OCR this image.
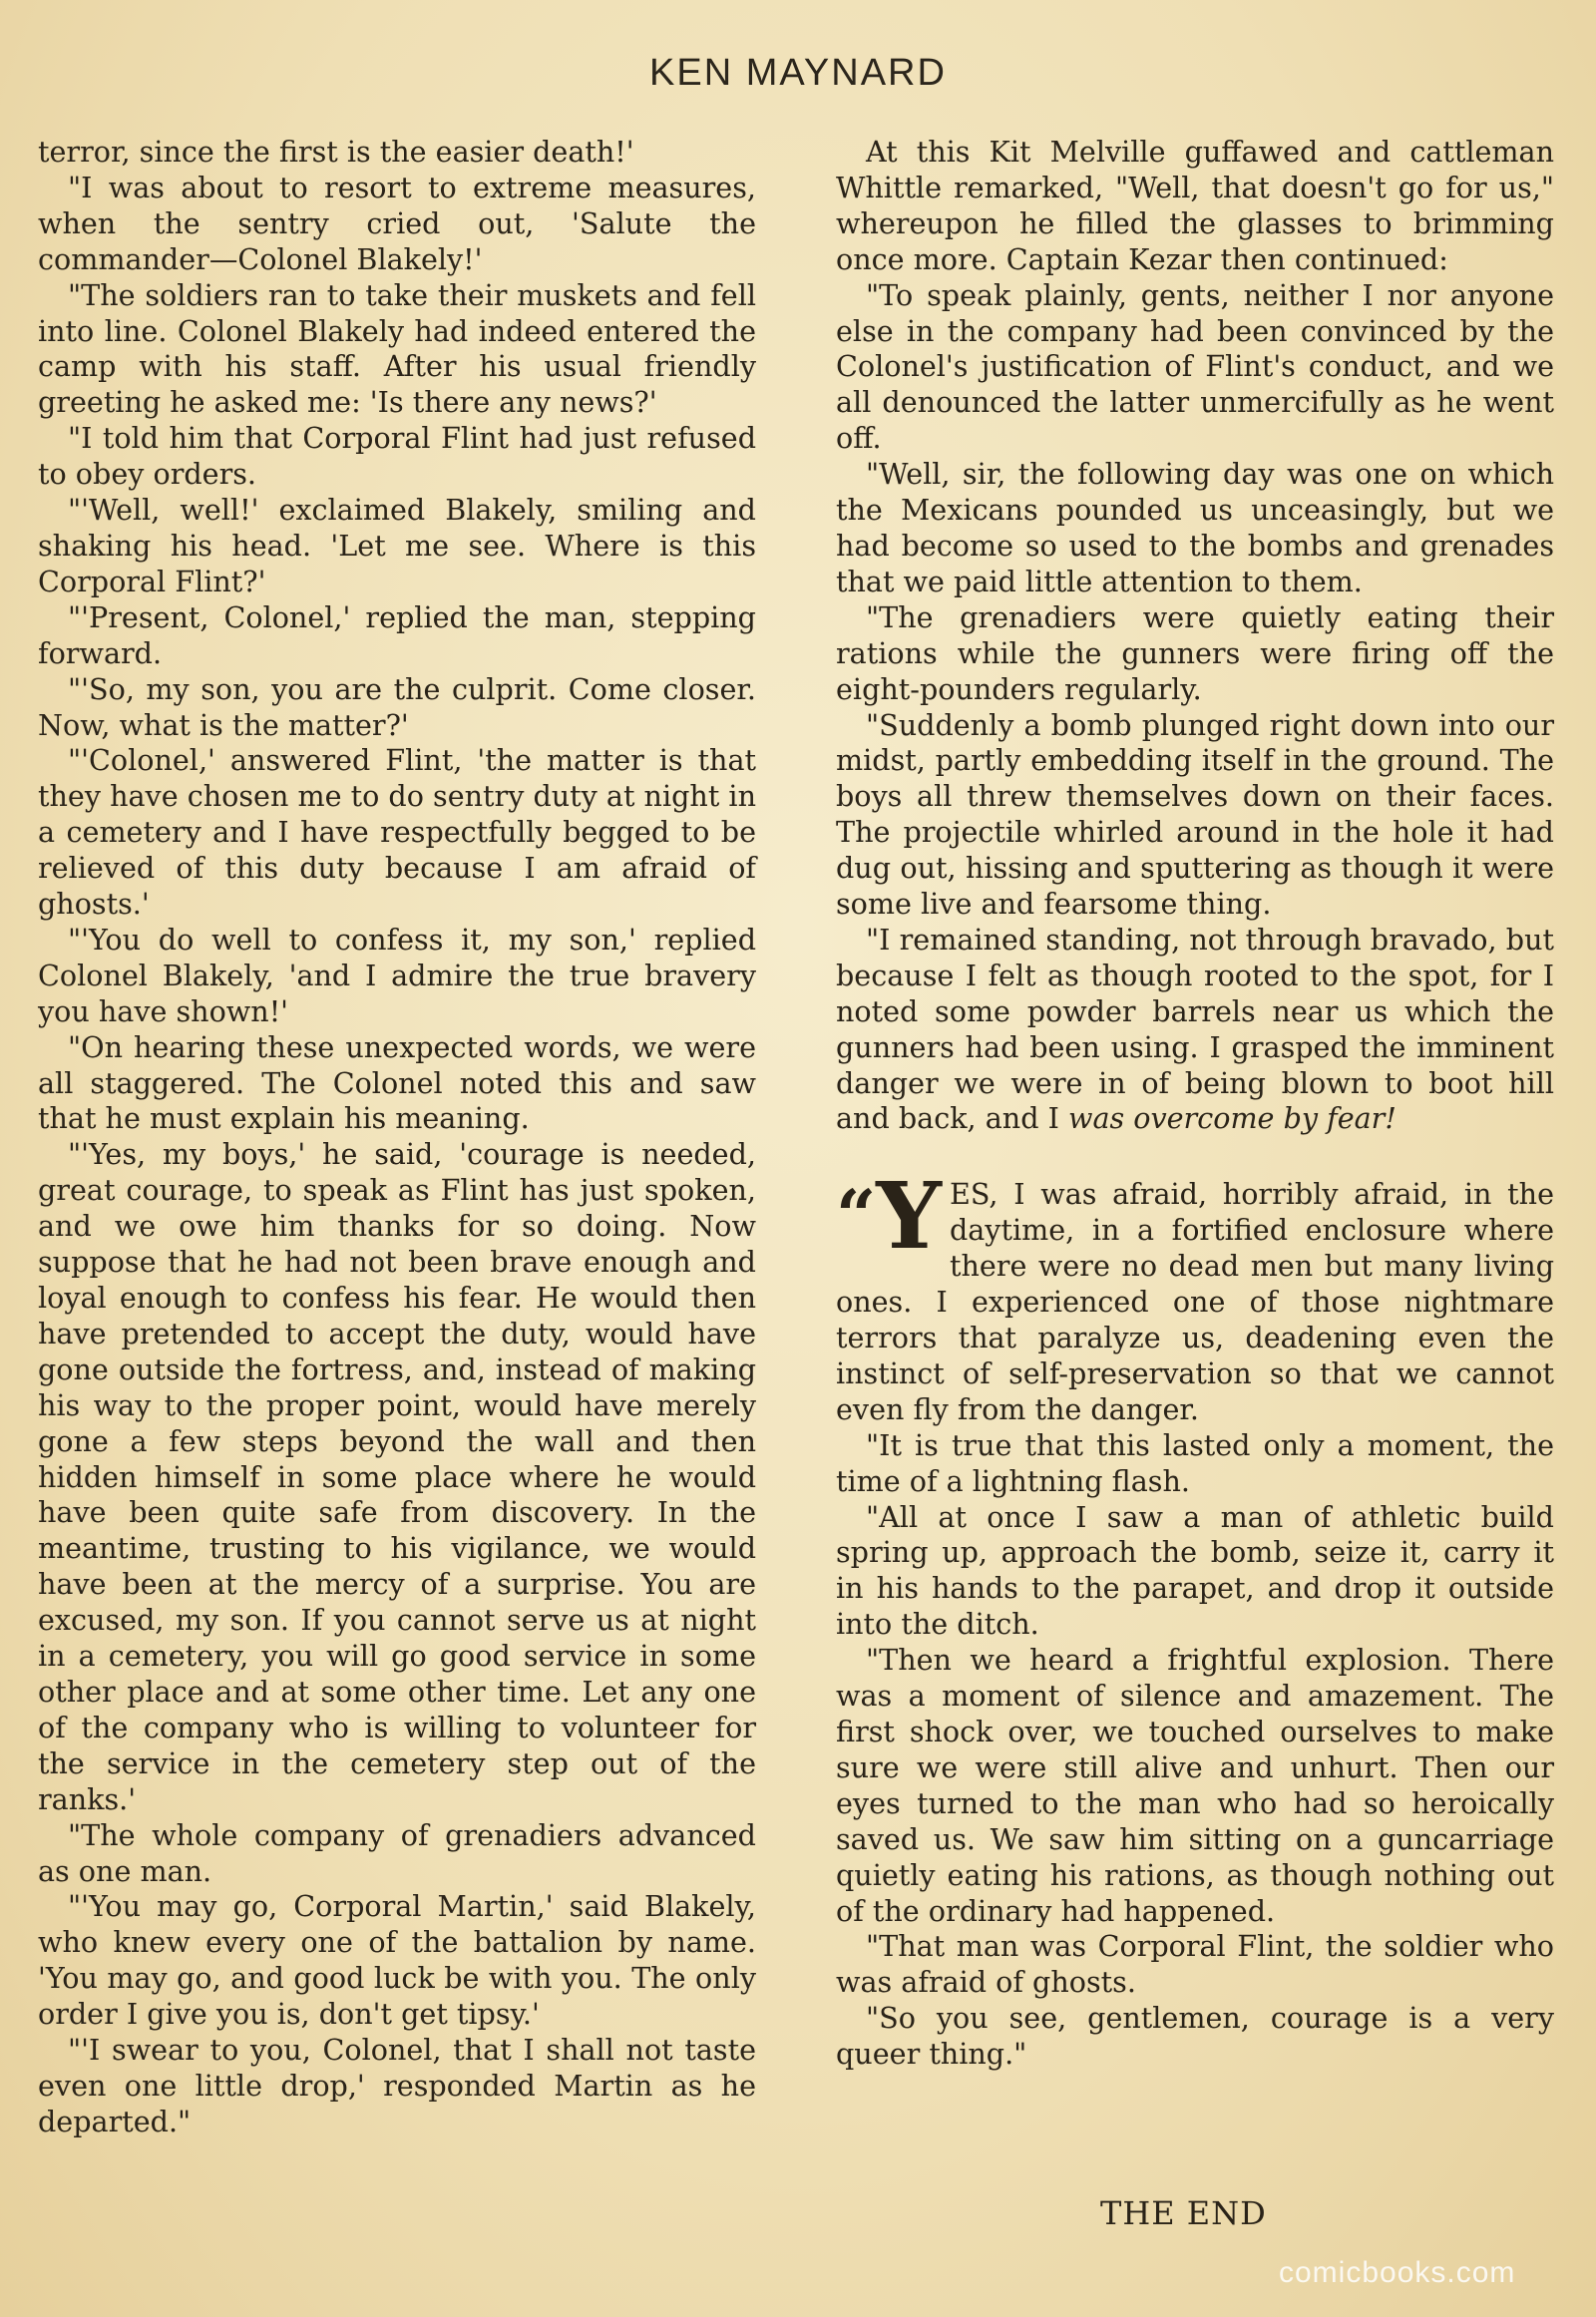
KEN MAYNARD

terror, since the first is the easier death!'

"I was about to resort to extreme measures, when the sentry cried out, 'Salute the commander—Colonel Blakely!'

"The soldiers ran to take their muskets and fell into line. Colonel Blakely had indeed entered the camp with his staff. After his usual friendly greeting he asked me: 'Is there any news?'

"I told him that Corporal Flint had just refused to obey orders.

"'Well, well!' exclaimed Blakely, smiling and shaking his head. 'Let me see. Where is this Corporal Flint?'

"'Present, Colonel,' replied the man, stepping forward.

"'So, my son, you are the culprit. Come closer. Now, what is the matter?'

"'Colonel,' answered Flint, 'the matter is that they have chosen me to do sentry duty at night in a cemetery and I have respectfully begged to be relieved of this duty because I am afraid of ghosts.'

"'You do well to confess it, my son,' replied Colonel Blakely, 'and I admire the true bravery you have shown!'

"On hearing these unexpected words, we were all staggered. The Colonel noted this and saw that he must explain his meaning.

"'Yes, my boys,' he said, 'courage is needed, great courage, to speak as Flint has just spoken, and we owe him thanks for so doing. Now suppose that he had not been brave enough and loyal enough to confess his fear. He would then have pretended to accept the duty, would have gone outside the fortress, and, instead of making his way to the proper point, would have merely gone a few steps beyond the wall and then hidden himself in some place where he would have been quite safe from discovery. In the meantime, trusting to his vigilance, we would have been at the mercy of a surprise. You are excused, my son. If you cannot serve us at night in a cemetery, you will go good service in some other place and at some other time. Let any one of the company who is willing to volunteer for the service in the cemetery step out of the ranks.'

"The whole company of grenadiers advanced as one man.

"'You may go, Corporal Martin,' said Blakely, who knew every one of the battalion by name. 'You may go, and good luck be with you. The only order I give you is, don't get tipsy.'

"'I swear to you, Colonel, that I shall not taste even one little drop,' responded Martin as he departed."

At this Kit Melville guffawed and cattleman Whittle remarked, "Well, that doesn't go for us," whereupon he filled the glasses to brimming once more. Captain Kezar then continued:

"To speak plainly, gents, neither I nor anyone else in the company had been convinced by the Colonel's justification of Flint's conduct, and we all denounced the latter unmercifully as he went off.

"Well, sir, the following day was one on which the Mexicans pounded us unceasingly, but we had become so used to the bombs and grenades that we paid little attention to them.

"The grenadiers were quietly eating their rations while the gunners were firing off the eight-pounders regularly.

"Suddenly a bomb plunged right down into our midst, partly embedding itself in the ground. The boys all threw themselves down on their faces. The projectile whirled around in the hole it had dug out, hissing and sputtering as though it were some live and fearsome thing.

"I remained standing, not through bravado, but because I felt as though rooted to the spot, for I noted some powder barrels near us which the gunners had been using. I grasped the imminent danger we were in of being blown to boot hill and back, and I was overcome by fear!

“Y ES, I was afraid, horribly afraid, in the daytime, in a fortified enclosure where there were no dead men but many living ones. I experienced one of those nightmare terrors that paralyze us, deadening even the instinct of self-preservation so that we cannot even fly from the danger.

"It is true that this lasted only a moment, the time of a lightning flash.

"All at once I saw a man of athletic build spring up, approach the bomb, seize it, carry it in his hands to the parapet, and drop it outside into the ditch.

"Then we heard a frightful explosion. There was a moment of silence and amazement. The first shock over, we touched ourselves to make sure we were still alive and unhurt. Then our eyes turned to the man who had so heroically saved us. We saw him sitting on a guncarriage quietly eating his rations, as though nothing out of the ordinary had happened.

"That man was Corporal Flint, the soldier who was afraid of ghosts.

"So you see, gentlemen, courage is a very queer thing."

THE END
comicbooks.com
